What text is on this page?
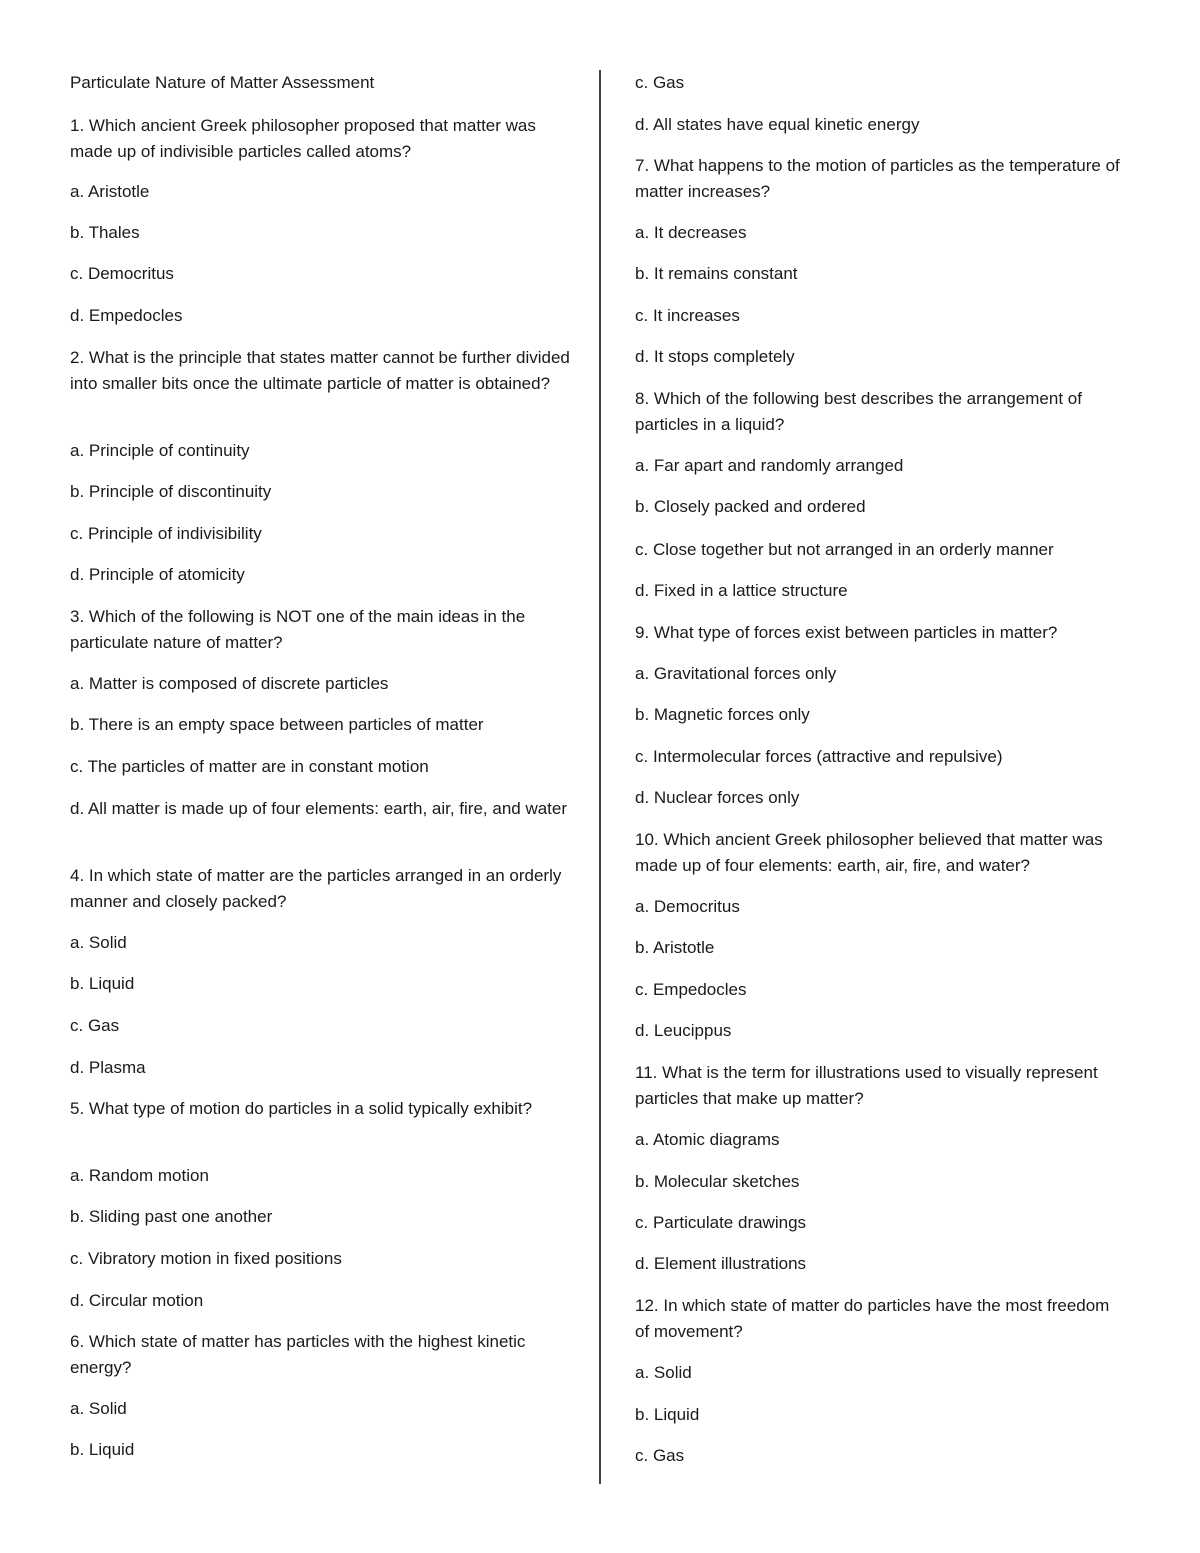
Particulate Nature of Matter Assessment
1. Which ancient Greek philosopher proposed that matter was made up of indivisible particles called atoms?
a. Aristotle
b. Thales
c. Democritus
d. Empedocles
2. What is the principle that states matter cannot be further divided into smaller bits once the ultimate particle of matter is obtained?
a. Principle of continuity
b. Principle of discontinuity
c. Principle of indivisibility
d. Principle of atomicity
3. Which of the following is NOT one of the main ideas in the particulate nature of matter?
a. Matter is composed of discrete particles
b. There is an empty space between particles of matter
c. The particles of matter are in constant motion
d. All matter is made up of four elements: earth, air, fire, and water
4. In which state of matter are the particles arranged in an orderly manner and closely packed?
a. Solid
b. Liquid
c. Gas
d. Plasma
5. What type of motion do particles in a solid typically exhibit?
a. Random motion
b. Sliding past one another
c. Vibratory motion in fixed positions
d. Circular motion
6. Which state of matter has particles with the highest kinetic energy?
a. Solid
b. Liquid
c. Gas
d. All states have equal kinetic energy
7. What happens to the motion of particles as the temperature of matter increases?
a. It decreases
b. It remains constant
c. It increases
d. It stops completely
8. Which of the following best describes the arrangement of particles in a liquid?
a. Far apart and randomly arranged
b. Closely packed and ordered
c. Close together but not arranged in an orderly manner
d. Fixed in a lattice structure
9. What type of forces exist between particles in matter?
a. Gravitational forces only
b. Magnetic forces only
c. Intermolecular forces (attractive and repulsive)
d. Nuclear forces only
10. Which ancient Greek philosopher believed that matter was made up of four elements: earth, air, fire, and water?
a. Democritus
b. Aristotle
c. Empedocles
d. Leucippus
11. What is the term for illustrations used to visually represent particles that make up matter?
a. Atomic diagrams
b. Molecular sketches
c. Particulate drawings
d. Element illustrations
12. In which state of matter do particles have the most freedom of movement?
a. Solid
b. Liquid
c. Gas
